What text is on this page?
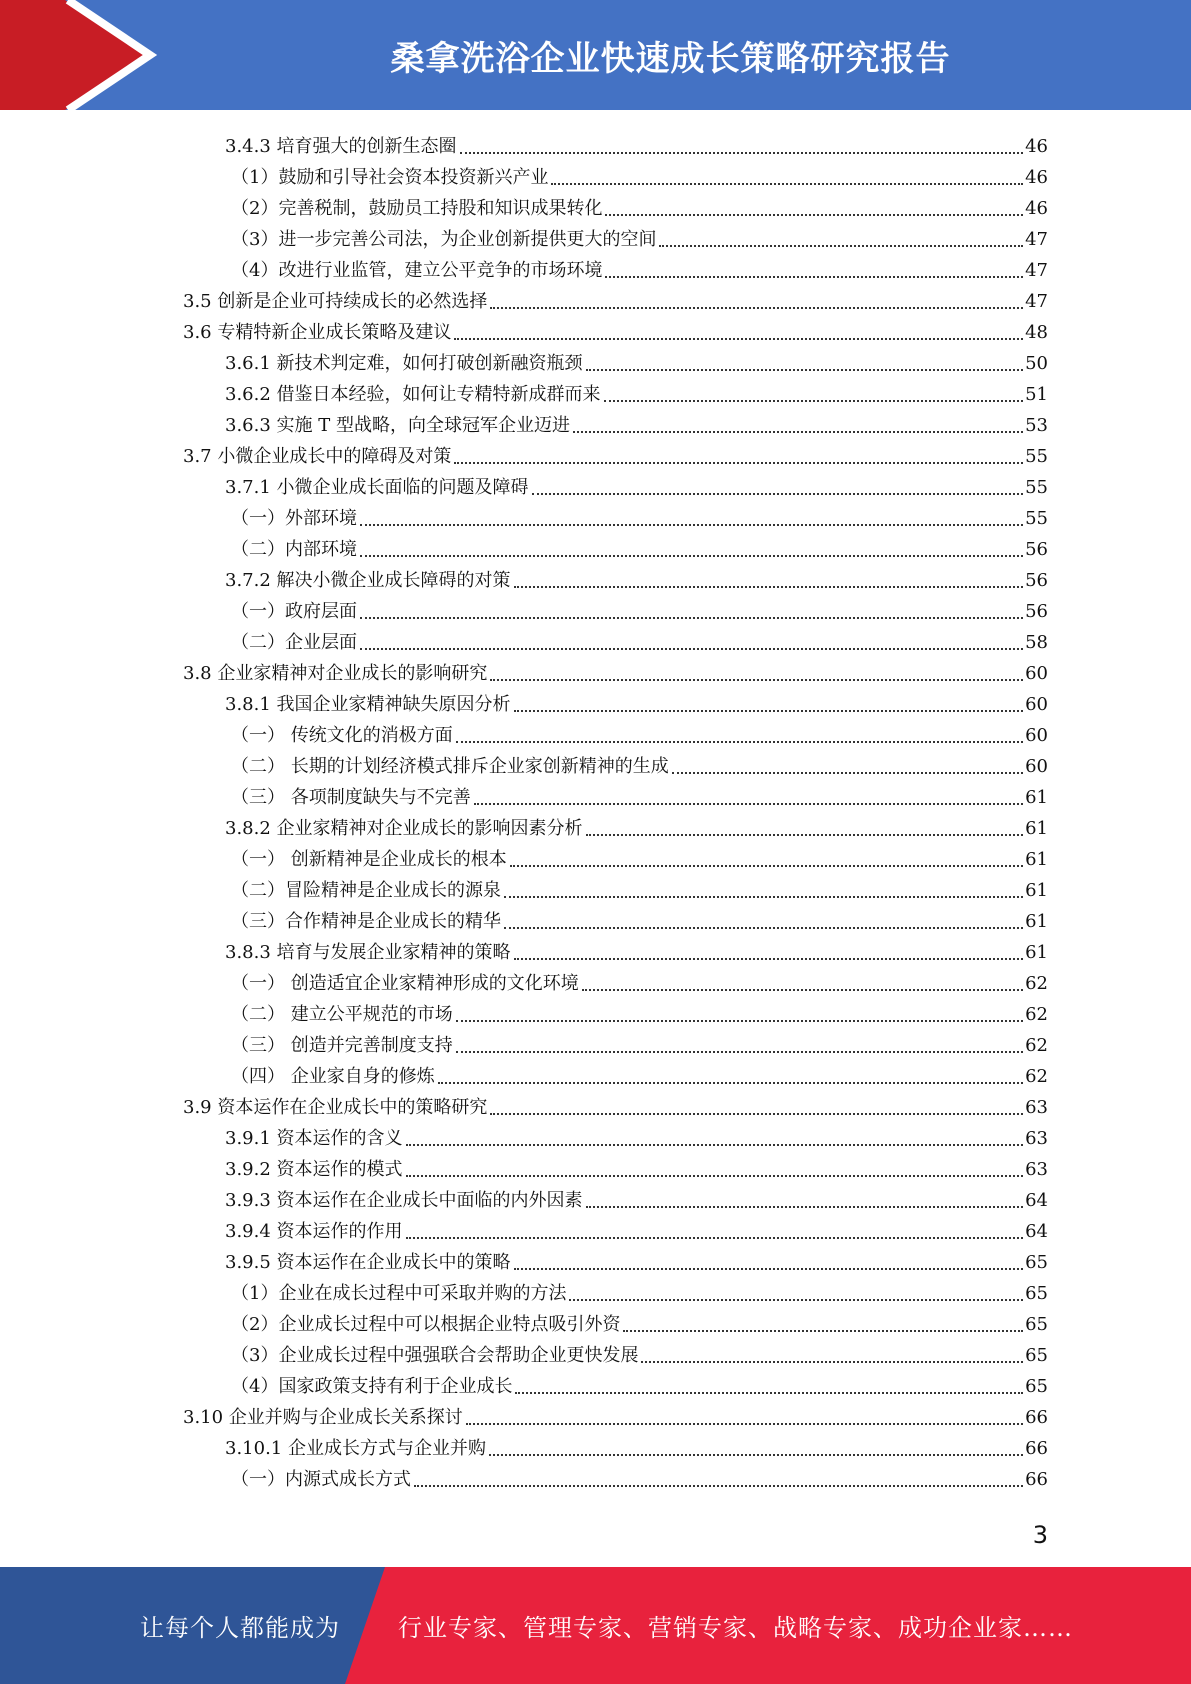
桑拿洗浴企业快速成长策略研究报告
3.4.3 培育强大的创新生态圈	46
（1）鼓励和引导社会资本投资新兴产业	46
（2）完善税制，鼓励员工持股和知识成果转化	46
（3）进一步完善公司法，为企业创新提供更大的空间	47
（4）改进行业监管，建立公平竞争的市场环境	47
3.5 创新是企业可持续成长的必然选择	47
3.6 专精特新企业成长策略及建议	48
3.6.1 新技术判定难，如何打破创新融资瓶颈	50
3.6.2 借鉴日本经验，如何让专精特新成群而来	51
3.6.3 实施 T 型战略，向全球冠军企业迈进	53
3.7 小微企业成长中的障碍及对策	55
3.7.1 小微企业成长面临的问题及障碍	55
（一）外部环境	55
（二）内部环境	56
3.7.2 解决小微企业成长障碍的对策	56
（一）政府层面	56
（二）企业层面	58
3.8 企业家精神对企业成长的影响研究	60
3.8.1 我国企业家精神缺失原因分析	60
（一） 传统文化的消极方面	60
（二） 长期的计划经济模式排斥企业家创新精神的生成	60
（三） 各项制度缺失与不完善	61
3.8.2 企业家精神对企业成长的影响因素分析	61
（一） 创新精神是企业成长的根本	61
（二）冒险精神是企业成长的源泉	61
（三）合作精神是企业成长的精华	61
3.8.3 培育与发展企业家精神的策略	61
（一） 创造适宜企业家精神形成的文化环境	62
（二） 建立公平规范的市场	62
（三） 创造并完善制度支持	62
（四） 企业家自身的修炼	62
3.9 资本运作在企业成长中的策略研究	63
3.9.1 资本运作的含义	63
3.9.2 资本运作的模式	63
3.9.3 资本运作在企业成长中面临的内外因素	64
3.9.4 资本运作的作用	64
3.9.5 资本运作在企业成长中的策略	65
（1）企业在成长过程中可采取并购的方法	65
（2）企业成长过程中可以根据企业特点吸引外资	65
（3）企业成长过程中强强联合会帮助企业更快发展	65
（4）国家政策支持有利于企业成长	65
3.10 企业并购与企业成长关系探讨	66
3.10.1 企业成长方式与企业并购	66
（一）内源式成长方式	66
3
让每个人都能成为 行业专家、管理专家、营销专家、战略专家、成功企业家……
